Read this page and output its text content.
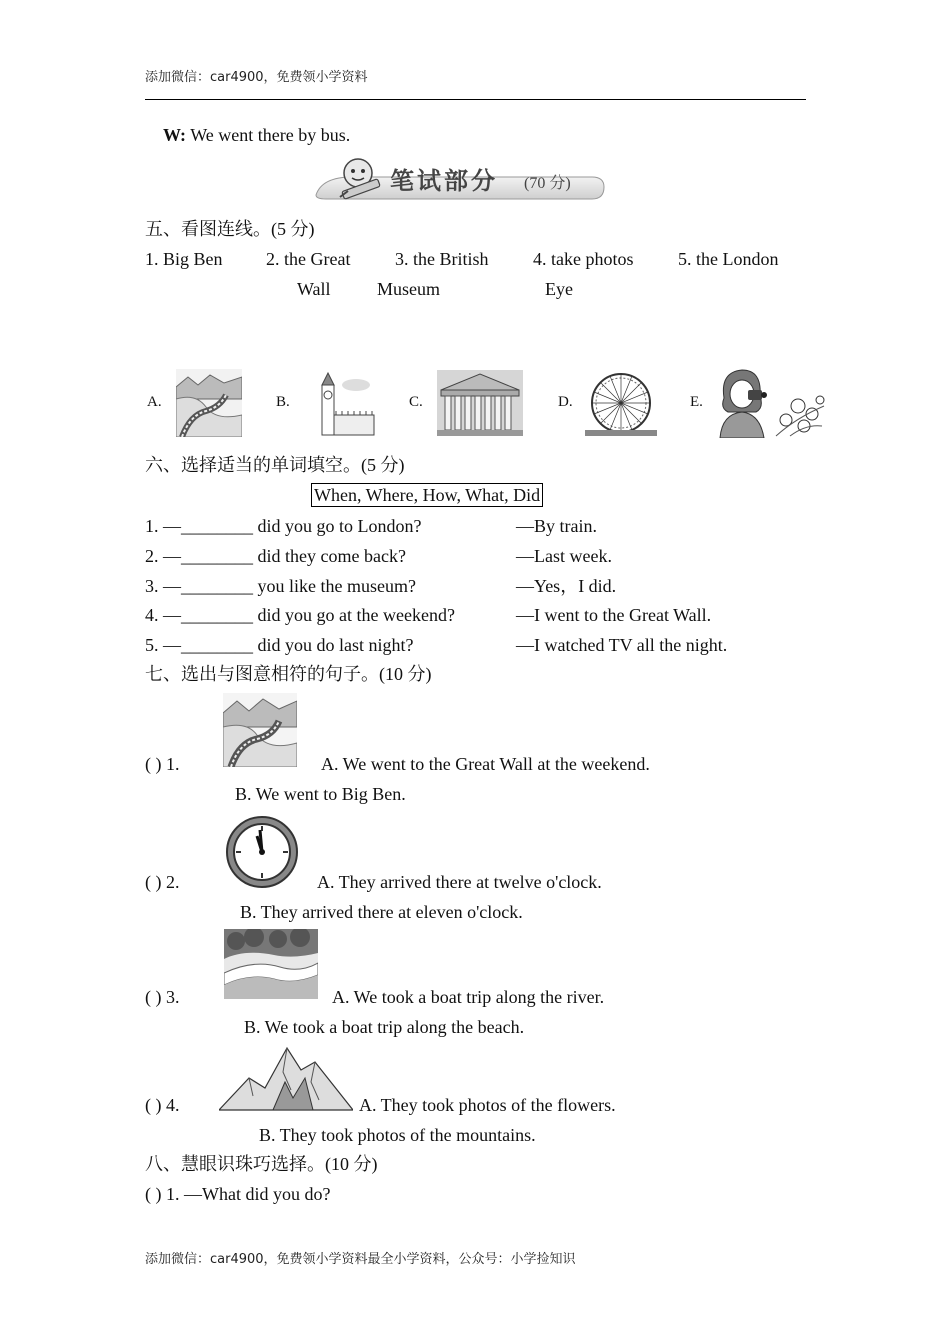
添加微信：car4900，免费领小学资料
W: We went there by bus.
笔试部分 (70 分)
五、看图连线。(5 分)
1. Big Ben 2. the Great
Wall
3. the British
Museum
4. take photos 5. the London
Eye
A.	B.	C.	D.	E.
六、选择适当的单词填空。(5 分)
When, Where, How, What, Did
1. —________ did you go to London?	—By train.
2. —________ did they come back?	—Last week.
3. —________ you like the museum?	—Yes，I did.
4. —________ did you go at the weekend?	—I went to the Great Wall.
5. —________ did you do last night?	—I watched TV all the night.
七、选出与图意相符的句子。(10 分)
( ) 1.	A. We went to the Great Wall at the weekend.
B. We went to Big Ben.
( ) 2.	A. They arrived there at twelve o'clock.
B. They arrived there at eleven o'clock.
( ) 3.	A. We took a boat trip along the river.
B. We took a boat trip along the beach.
( ) 4.	A. They took photos of the flowers.
B. They took photos of the mountains.
八、慧眼识珠巧选择。(10 分)
( ) 1. —What did you do?
添加微信：car4900，免费领小学资料最全小学资料，公众号：小学捡知识
